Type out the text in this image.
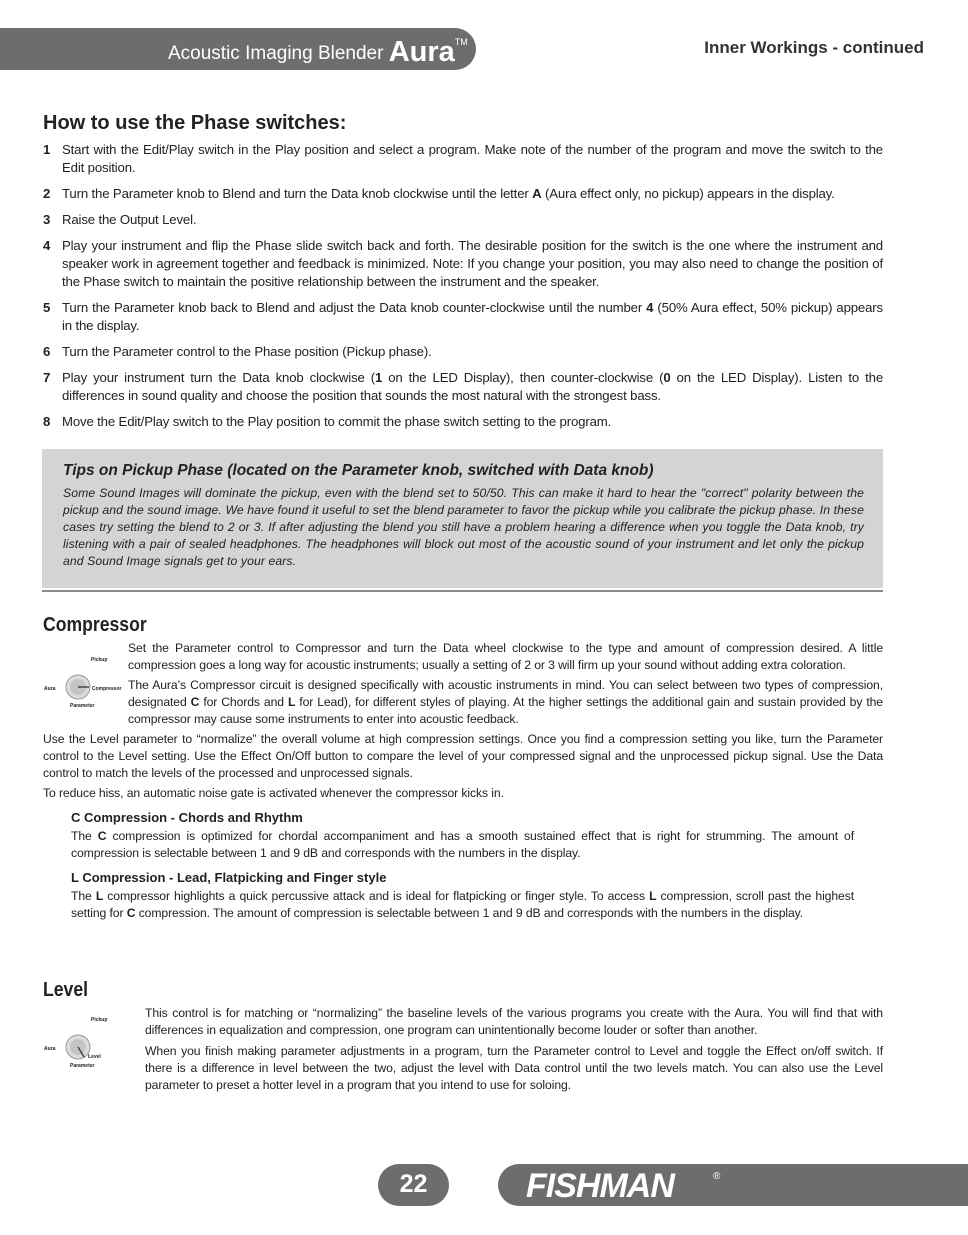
Acoustic Imaging Blender Aura™	Inner Workings - continued
How to use the Phase switches:
1 Start with the Edit/Play switch in the Play position and select a program. Make note of the number of the program and move the switch to the Edit position.
2 Turn the Parameter knob to Blend and turn the Data knob clockwise until the letter A (Aura effect only, no pickup) appears in the display.
3 Raise the Output Level.
4 Play your instrument and flip the Phase slide switch back and forth. The desirable position for the switch is the one where the instrument and speaker work in agreement together and feedback is minimized. Note: If you change your position, you may also need to change the position of the Phase switch to maintain the positive relationship between the instrument and the speaker.
5 Turn the Parameter knob back to Blend and adjust the Data knob counter-clockwise until the number 4 (50% Aura effect, 50% pickup) appears in the display.
6 Turn the Parameter control to the Phase position (Pickup phase).
7 Play your instrument turn the Data knob clockwise (1 on the LED Display), then counter-clockwise (0 on the LED Display). Listen to the differences in sound quality and choose the position that sounds the most natural with the strongest bass.
8 Move the Edit/Play switch to the Play position to commit the phase switch setting to the program.
Tips on Pickup Phase (located on the Parameter knob, switched with Data knob)
Some Sound Images will dominate the pickup, even with the blend set to 50/50. This can make it hard to hear the "correct" polarity between the pickup and the sound image. We have found it useful to set the blend parameter to favor the pickup while you calibrate the pickup phase. In these cases try setting the blend to 2 or 3. If after adjusting the blend you still have a problem hearing a difference when you toggle the Data knob, try listening with a pair of sealed headphones. The headphones will block out most of the acoustic sound of your instrument and let only the pickup and Sound Image signals get to your ears.
Compressor
Pickup
Aura	Compressor
Parameter
Set the Parameter control to Compressor and turn the Data wheel clockwise to the type and amount of compression desired. A little compression goes a long way for acoustic instruments; usually a setting of 2 or 3 will firm up your sound without adding extra coloration.
The Aura’s Compressor circuit is designed specifically with acoustic instruments in mind. You can select between two types of compression, designated C for Chords and L for Lead), for different styles of playing. At the higher settings the additional gain and sustain provided by the compressor may cause some instruments to enter into acoustic feedback.
Use the Level parameter to “normalize” the overall volume at high compression settings. Once you find a compression setting you like, turn the Parameter control to the Level setting. Use the Effect On/Off button to compare the level of your compressed signal and the unprocessed pickup signal. Use the Data control to match the levels of the processed and unprocessed signals.
To reduce hiss, an automatic noise gate is activated whenever the compressor kicks in.
C Compression - Chords and Rhythm
The C compression is optimized for chordal accompaniment and has a smooth sustained effect that is right for strumming. The amount of compression is selectable between 1 and 9 dB and corresponds with the numbers in the display.
L Compression - Lead, Flatpicking and Finger style
The L compressor highlights a quick percussive attack and is ideal for flatpicking or finger style. To access L compression, scroll past the highest setting for C compression. The amount of compression is selectable between 1 and 9 dB and corresponds with the numbers in the display.
Level
Pickup
Aura
Level
Parameter
This control is for matching or “normalizing” the baseline levels of the various programs you create with the Aura. You will find that with differences in equalization and compression, one program can unintentionally become louder or softer than another.
When you finish making parameter adjustments in a program, turn the Parameter control to Level and toggle the Effect on/off switch. If there is a difference in level between the two, adjust the level with Data control until the two levels match. You can also use the Level parameter to preset a hotter level in a program that you intend to use for soloing.
22	FISHMAN	®
